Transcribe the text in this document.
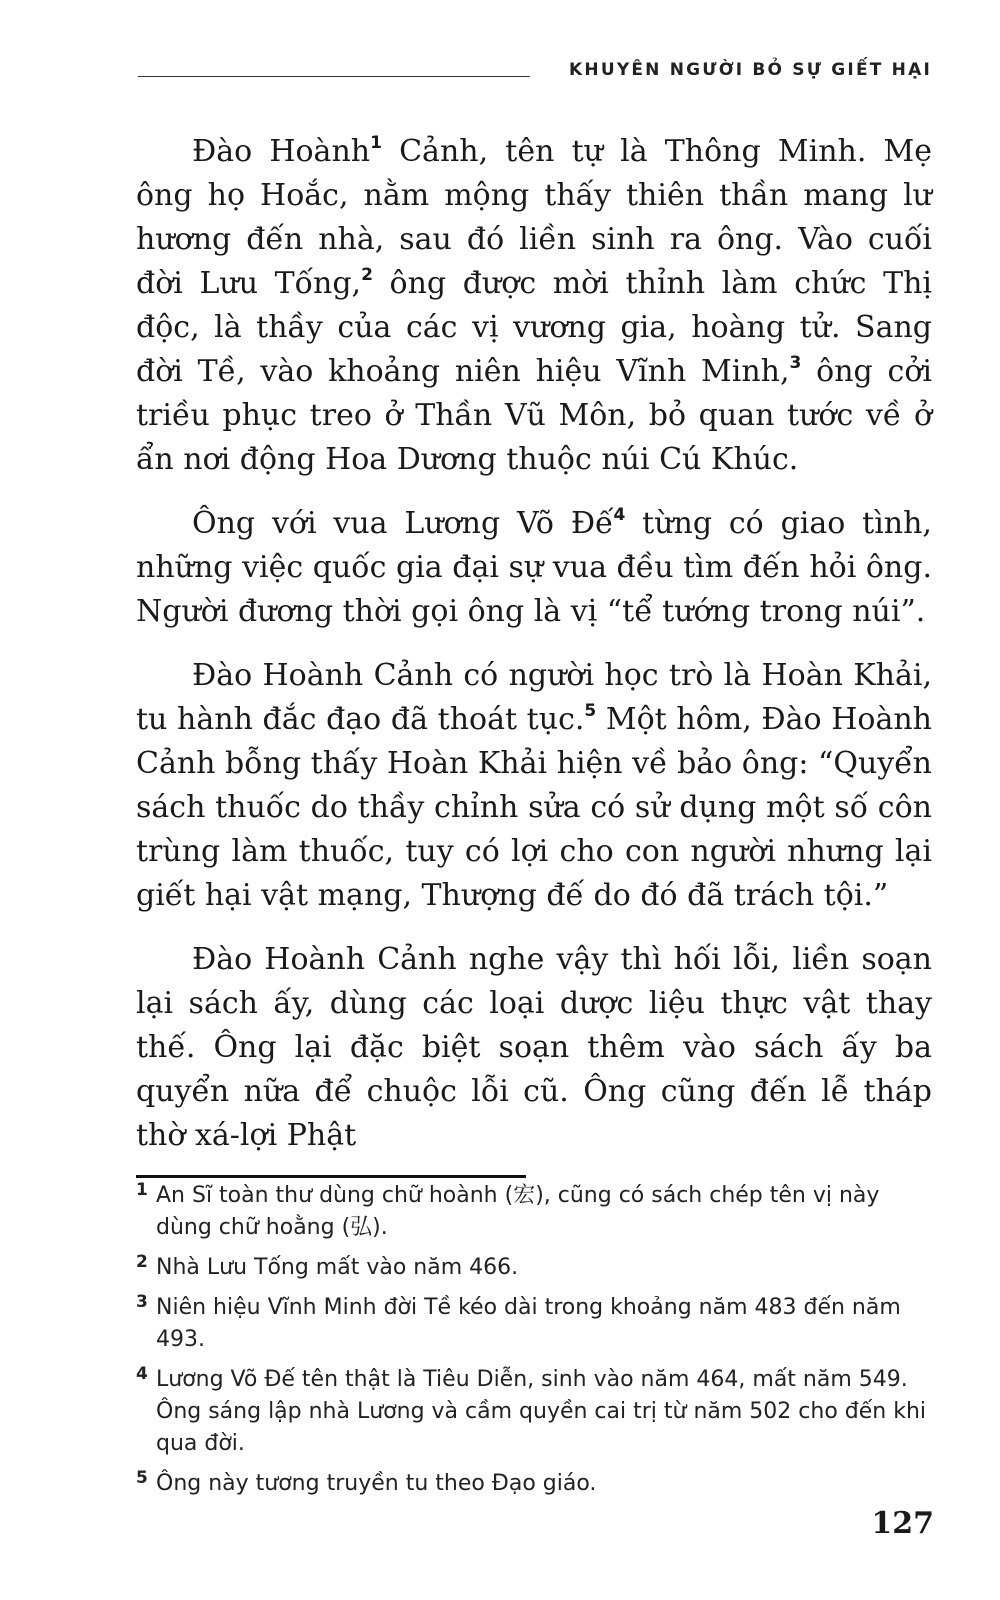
KHUYÊN NGƯỜI BỎ SỰ GIẾT HẠI

Đào Hoành$^1$ Cảnh, tên tự là Thông Minh. Mẹ ông họ Hoắc, nằm mộng thấy thiên thần mang lư hương đến nhà, sau đó liền sinh ra ông. Vào cuối đời Lưu Tống,$^2$ ông được mời thỉnh làm chức Thị độc, là thầy của các vị vương gia, hoàng tử. Sang đời Tề, vào khoảng niên hiệu Vĩnh Minh,$^3$ ông cởi triều phục treo ở Thần Vũ Môn, bỏ quan tước về ở ẩn nơi động Hoa Dương thuộc núi Cú Khúc.

Ông với vua Lương Võ Đế$^4$ từng có giao tình, những việc quốc gia đại sự vua đều tìm đến hỏi ông. Người đương thời gọi ông là vị “tể tướng trong núi”.

Đào Hoành Cảnh có người học trò là Hoàn Khải, tu hành đắc đạo đã thoát tục.$^5$ Một hôm, Đào Hoành Cảnh bỗng thấy Hoàn Khải hiện về bảo ông: “Quyển sách thuốc do thầy chỉnh sửa có sử dụng một số côn trùng làm thuốc, tuy có lợi cho con người nhưng lại giết hại vật mạng, Thượng đế do đó đã trách tội.”

Đào Hoành Cảnh nghe vậy thì hối lỗi, liền soạn lại sách ấy, dùng các loại dược liệu thực vật thay thế. Ông lại đặc biệt soạn thêm vào sách ấy ba quyển nữa để chuộc lỗi cũ. Ông cũng đến lễ tháp thờ xá-lợi Phật

1 An Sĩ toàn thư dùng chữ hoành (宏), cũng có sách chép tên vị này dùng chữ hoằng (弘).
2 Nhà Lưu Tống mất vào năm 466.
3 Niên hiệu Vĩnh Minh đời Tề kéo dài trong khoảng năm 483 đến năm 493.
4 Lương Võ Đế tên thật là Tiêu Diễn, sinh vào năm 464, mất năm 549. Ông sáng lập nhà Lương và cầm quyền cai trị từ năm 502 cho đến khi qua đời.
5 Ông này tương truyền tu theo Đạo giáo.
127
